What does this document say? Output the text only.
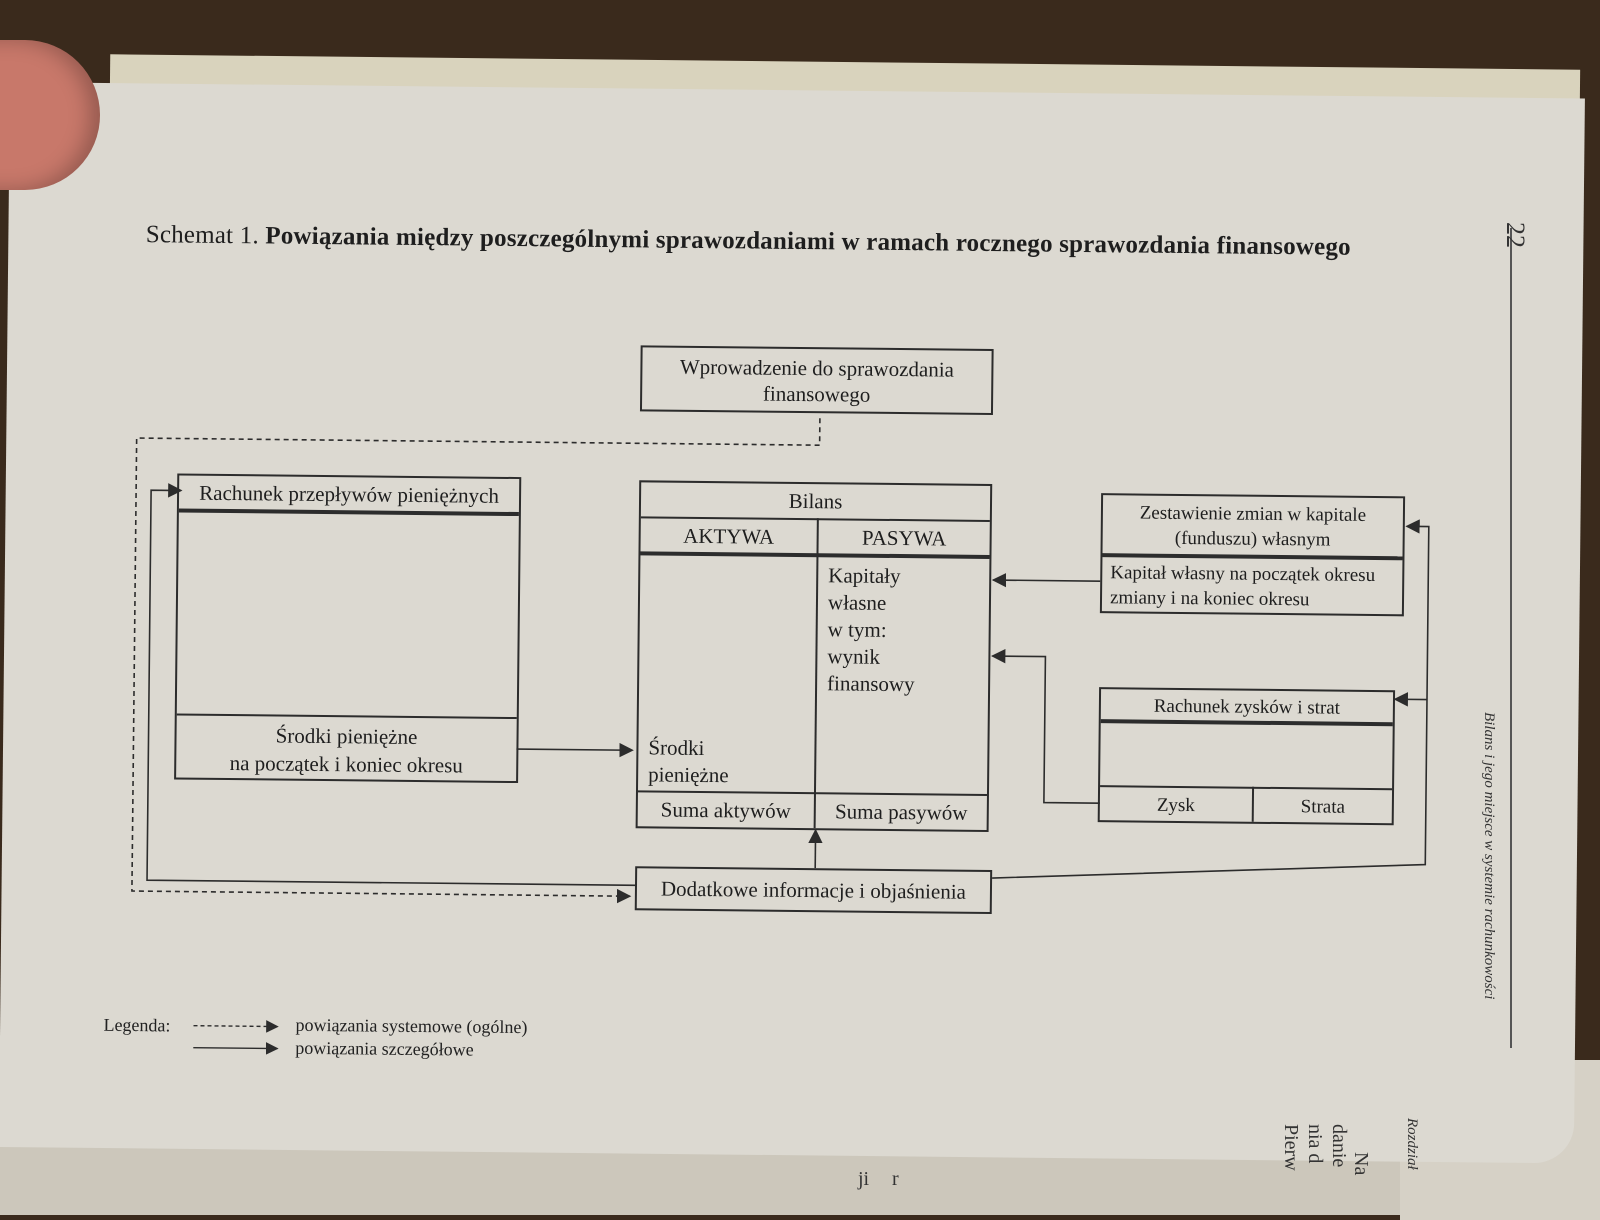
22
Bilans i jego miejsce w systemie rachunkowości
Schemat 1. Powiązania między poszczególnymi sprawozdaniami w ramach rocznego sprawozdania finansowego
Wprowadzenie do sprawozdania
finansowego
Rachunek przepływów pieniężnych
Środki pieniężne
na początek i koniec okresu
Bilans
AKTYWA	PASYWA
Kapitały
własne
w tym:
wynik
finansowy
Środki
pieniężne
Suma aktywów	Suma pasywów
Zestawienie zmian w kapitale
(funduszu) własnym
Kapitał własny na początek okresu
zmiany i na koniec okresu
Rachunek zysków i strat
Zysk	Strata
Dodatkowe informacje i objaśnienia
Legenda:	powiązania systemowe (ogólne)
powiązania szczegółowe
Rozdział
Na
danie
nia d
Pierw
r
ji
